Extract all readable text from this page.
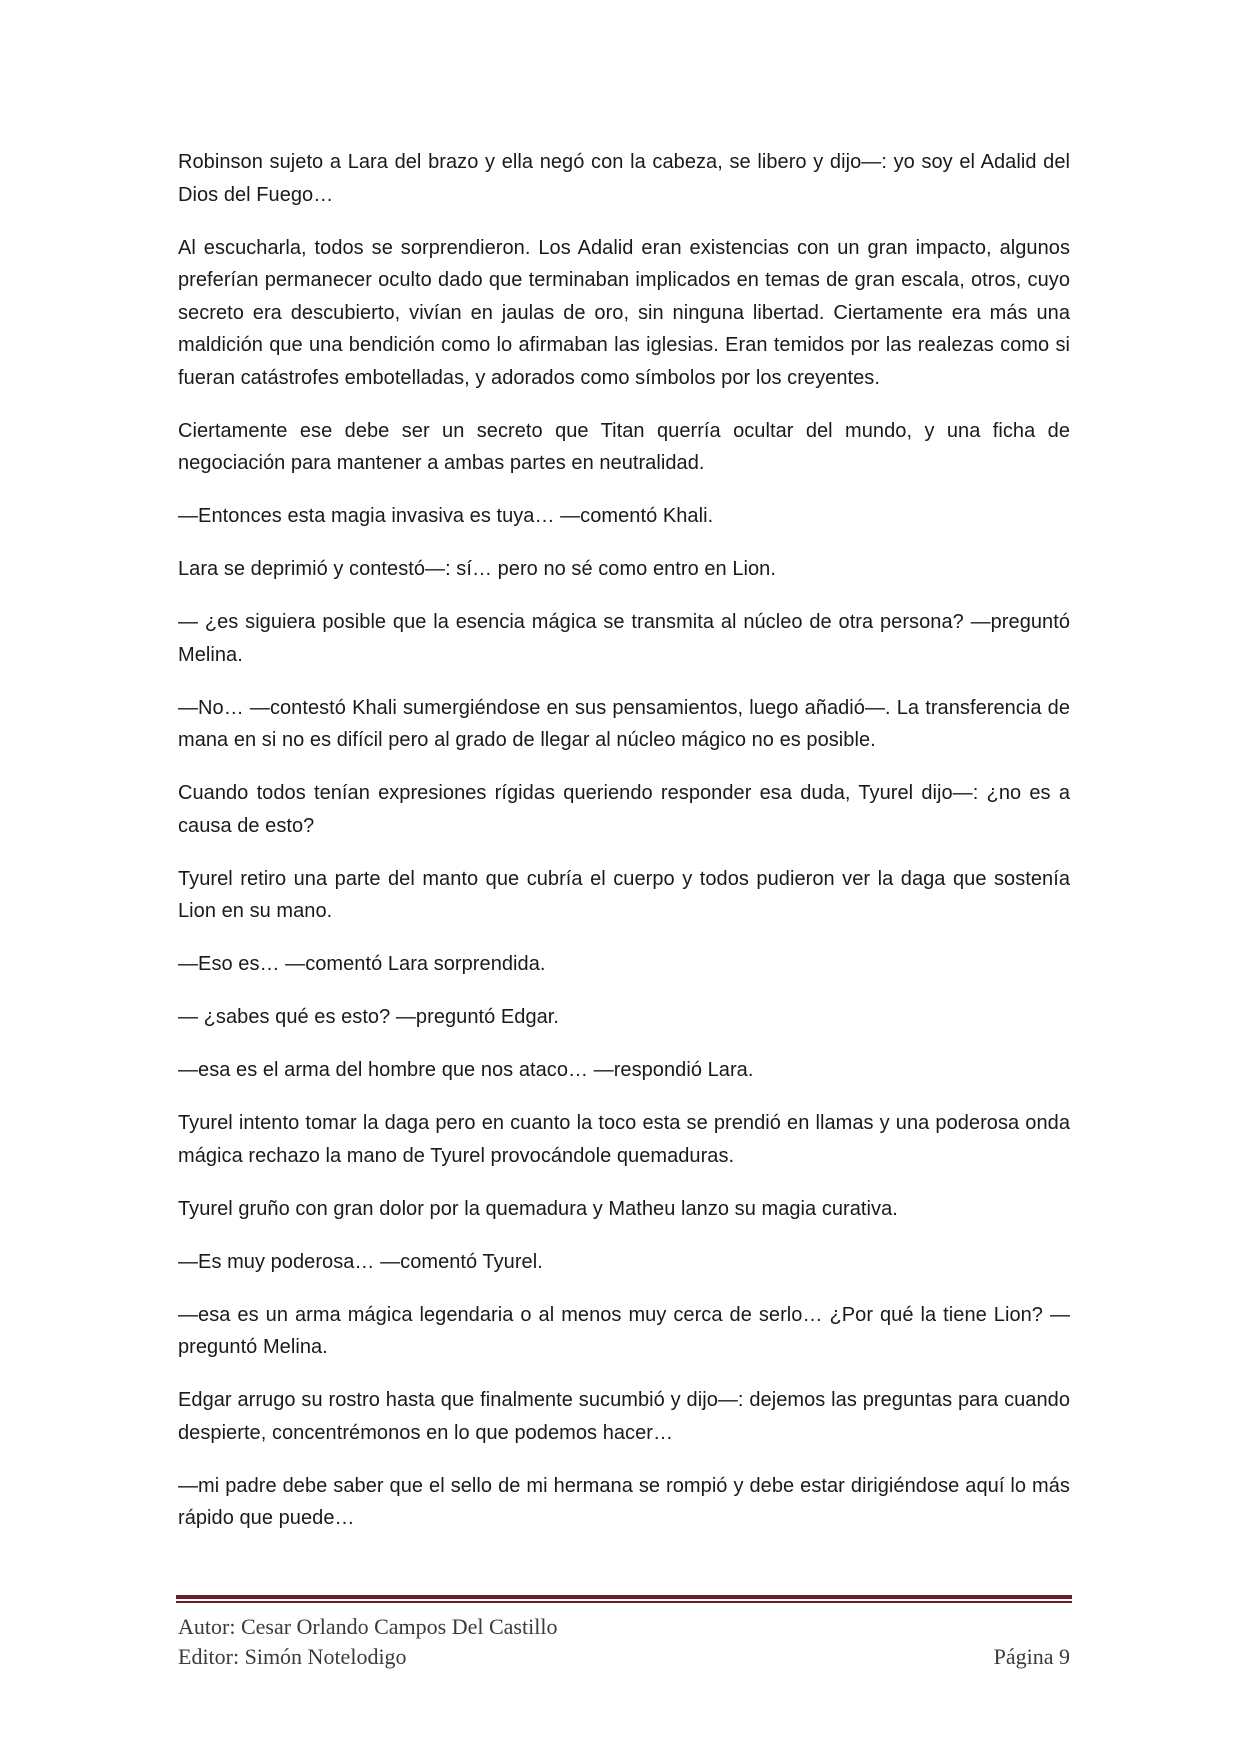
Robinson sujeto a Lara del brazo y ella negó con la cabeza, se libero y dijo—: yo soy el Adalid del Dios del Fuego…

Al escucharla, todos se sorprendieron. Los Adalid eran existencias con un gran impacto, algunos preferían permanecer oculto dado que terminaban implicados en temas de gran escala, otros, cuyo secreto era descubierto, vivían en jaulas de oro, sin ninguna libertad. Ciertamente era más una maldición que una bendición como lo afirmaban las iglesias. Eran temidos por las realezas como si fueran catástrofes embotelladas, y adorados como símbolos por los creyentes.

Ciertamente ese debe ser un secreto que Titan querría ocultar del mundo, y una ficha de negociación para mantener a ambas partes en neutralidad.

—Entonces esta magia invasiva es tuya… —comentó Khali.

Lara se deprimió y contestó—: sí… pero no sé como entro en Lion.

— ¿es siguiera posible que la esencia mágica se transmita al núcleo de otra persona? —preguntó Melina.

—No… —contestó Khali sumergiéndose en sus pensamientos, luego añadió—. La transferencia de mana en si no es difícil pero al grado de llegar al núcleo mágico no es posible.

Cuando todos tenían expresiones rígidas queriendo responder esa duda, Tyurel dijo—: ¿no es a causa de esto?

Tyurel retiro una parte del manto que cubría el cuerpo y todos pudieron ver la daga que sostenía Lion en su mano.

—Eso es… —comentó Lara sorprendida.

— ¿sabes qué es esto? —preguntó Edgar.

—esa es el arma del hombre que nos ataco… —respondió Lara.

Tyurel intento tomar la daga pero en cuanto la toco esta se prendió en llamas y una poderosa onda mágica rechazo la mano de Tyurel provocándole quemaduras.

Tyurel gruño con gran dolor por la quemadura y Matheu lanzo su magia curativa.

—Es muy poderosa… —comentó Tyurel.

—esa es un arma mágica legendaria o al menos muy cerca de serlo… ¿Por qué la tiene Lion? —preguntó Melina.

Edgar arrugo su rostro hasta que finalmente sucumbió y dijo—: dejemos las preguntas para cuando despierte, concentrémonos en lo que podemos hacer…

—mi padre debe saber que el sello de mi hermana se rompió y debe estar dirigiéndose aquí lo más rápido que puede…

Autor: Cesar Orlando Campos Del Castillo
Editor: Simón Notelodigo	Página 9
